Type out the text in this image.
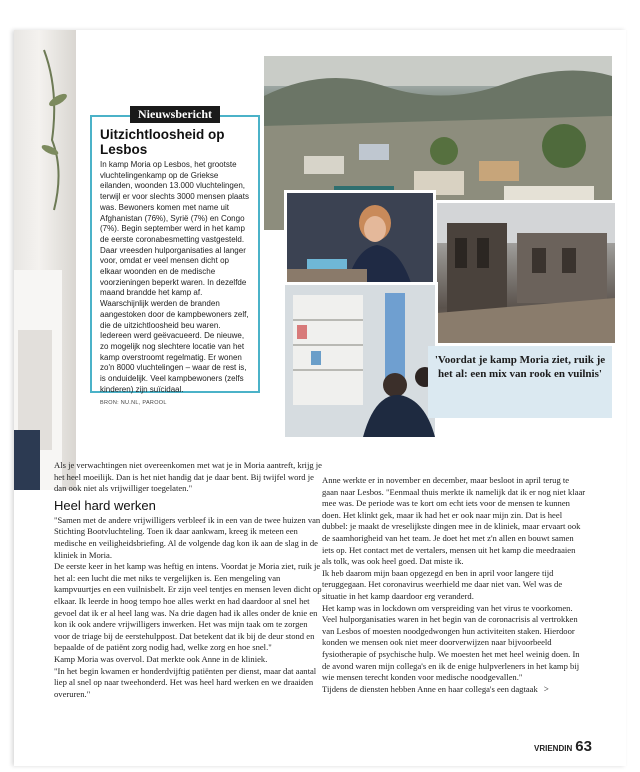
Nieuwsbericht
Uitzichtloosheid op Lesbos

In kamp Moria op Lesbos, het grootste vluchtelingenkamp op de Griekse eilanden, woonden 13.000 vluchtelingen, terwijl er voor slechts 3000 mensen plaats was. Bewoners komen met name uit Afghanistan (76%), Syrië (7%) en Congo (7%). Begin september werd in het kamp de eerste coronabesmetting vastgesteld. Daar vreesden hulporganisaties al langer voor, omdat er veel mensen dicht op elkaar woonden en de medische voorzieningen beperkt waren. In dezelfde maand brandde het kamp af. Waarschijnlijk werden de branden aangestoken door de kampbewoners zelf, die de uitzichtloosheid beu waren. Iedereen werd geëvacueerd. De nieuwe, zo mogelijk nog slechtere locatie van het kamp overstroomt regelmatig. Er wonen zo'n 8000 vluchtelingen – waar de rest is, is onduidelijk. Veel kampbewoners (zelfs kinderen) zijn suïcidaal.

BRON: NU.NL, PAROOL
'Voordat je kamp Moria ziet, ruik je het al: een mix van rook en vuilnis'

Als je verwachtingen niet overeenkomen met wat je in Moria aantreft, krijg je het heel moeilijk. Dan is het niet handig dat je daar bent. Bij twijfel word je dan ook niet als vrijwilliger toegelaten."

Heel hard werken

"Samen met de andere vrijwilligers verbleef ik in een van de twee huizen van Stichting Bootvluchteling. Toen ik daar aankwam, kreeg ik meteen een medische en veiligheidsbriefing. Al de volgende dag kon ik aan de slag in de kliniek in Moria.

De eerste keer in het kamp was heftig en intens. Voordat je Moria ziet, ruik je het al: een lucht die met niks te vergelijken is. Een mengeling van kampvuurtjes en een vuilnisbelt. Er zijn veel tentjes en mensen leven dicht op elkaar. Ik leerde in hoog tempo hoe alles werkt en had daardoor al snel het gevoel dat ik er al heel lang was. Na drie dagen had ik alles onder de knie en kon ik ook andere vrijwilligers inwerken. Het was mijn taak om te zorgen voor de triage bij de eerstehulppost. Dat betekent dat ik bij de deur stond en bepaalde of de patiënt zorg nodig had, welke zorg en hoe snel."

Kamp Moria was overvol. Dat merkte ook Anne in de kliniek.

"In het begin kwamen er honderdvijftig patiënten per dienst, maar dat aantal liep al snel op naar tweehonderd. Het was heel hard werken en we draaiden overuren."

Anne werkte er in november en december, maar besloot in april terug te gaan naar Lesbos. "Eenmaal thuis merkte ik namelijk dat ik er nog niet klaar mee was. De periode was te kort om echt iets voor de mensen te kunnen doen. Het klinkt gek, maar ik had het er ook naar mijn zin. Dat is heel dubbel: je maakt de vreselijkste dingen mee in de kliniek, maar ervaart ook de saamhorigheid van het team. Je doet het met z'n allen en bouwt samen iets op. Het contact met de vertalers, mensen uit het kamp die meedraaien als tolk, was ook heel goed. Dat miste ik.

Ik heb daarom mijn baan opgezegd en ben in april voor langere tijd teruggegaan. Het coronavirus weerhield me daar niet van. Wel was de situatie in het kamp daardoor erg veranderd.

Het kamp was in lockdown om verspreiding van het virus te voorkomen. Veel hulporganisaties waren in het begin van de coronacrisis al vertrokken van Lesbos of moesten noodgedwongen hun activiteiten staken. Hierdoor konden we mensen ook niet meer doorverwijzen naar bijvoorbeeld fysiotherapie of psychische hulp. We moesten het met heel weinig doen. In de avond waren mijn collega's en ik de enige hulpverleners in het kamp bij wie mensen terecht konden voor medische noodgevallen."

Tijdens de diensten hebben Anne en haar collega's een dagtaak >

VRIENDIN 63
